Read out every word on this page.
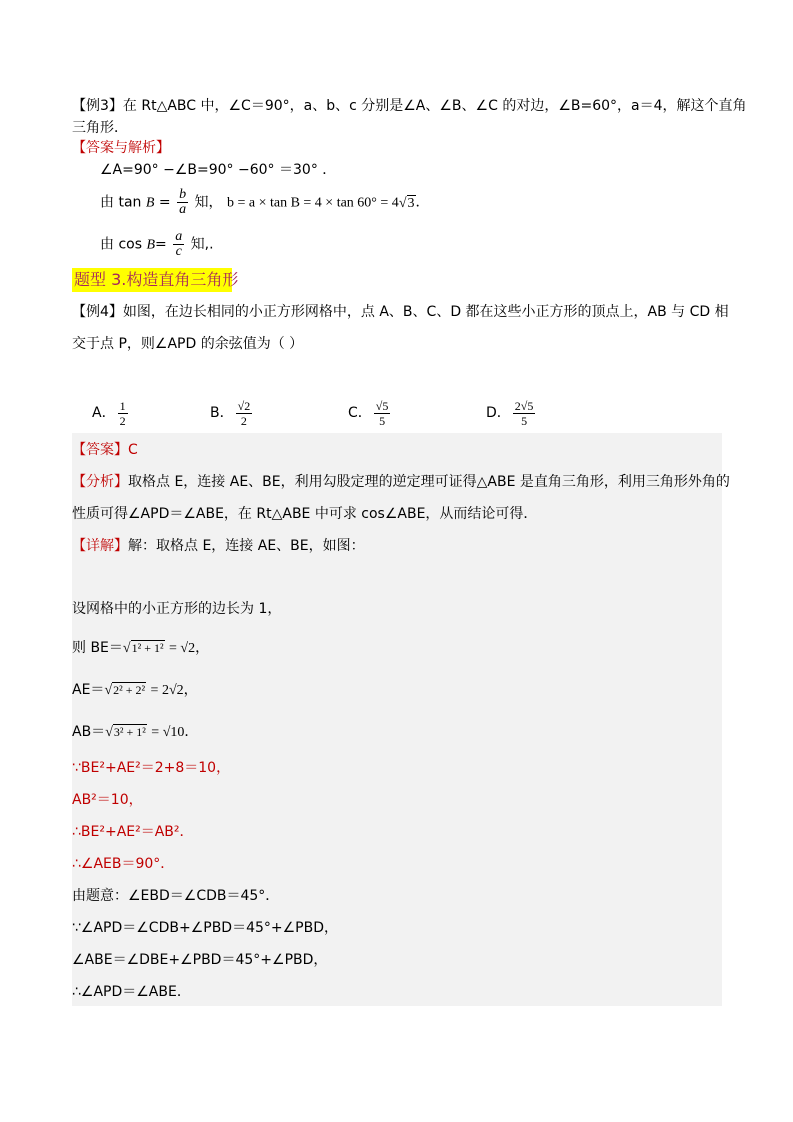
【例3】在 Rt△ABC 中，∠C＝90°，a、b、c 分别是∠A、∠B、∠C 的对边，∠B=60°，a＝4，解这个直角
三角形．
【答案与解析】
∠A=90° −∠B=90° −60° ＝30° ．
由 $\tan B = \frac{b}{a}$ 知， b = a × tan B = 4 × tan 60° = 4√3．
由 $\cos B= \frac{a}{c}$ 知,.
题型 3.构造直角三角形
【例4】如图，在边长相同的小正方形网格中，点 A、B、C、D 都在这些小正方形的顶点上，AB 与 CD 相
交于点 P，则∠APD 的余弦值为（ ）
A． $\frac{1}{2}$	B． $\frac{√2}{2}$	C． $\frac{√5}{5}$	D． $\frac{2√5}{5}$
【答案】C
【分析】取格点 E，连接 AE、BE，利用勾股定理的逆定理可证得△ABE 是直角三角形，利用三角形外角的
性质可得∠APD＝∠ABE，在 Rt△ABE 中可求 cos∠ABE，从而结论可得．
【详解】解：取格点 E，连接 AE、BE，如图：
设网格中的小正方形的边长为 1，
则 BE＝√1² + 1² = √2，
AE＝√2² + 2² = 2√2，
AB＝√3² + 1² = √10．
∵BE²+AE²＝2+8＝10，
AB²＝10，
∴BE²+AE²＝AB²．
∴∠AEB＝90°．
由题意：∠EBD＝∠CDB＝45°．
∵∠APD＝∠CDB+∠PBD＝45°+∠PBD，
∠ABE＝∠DBE+∠PBD＝45°+∠PBD，
∴∠APD＝∠ABE．
